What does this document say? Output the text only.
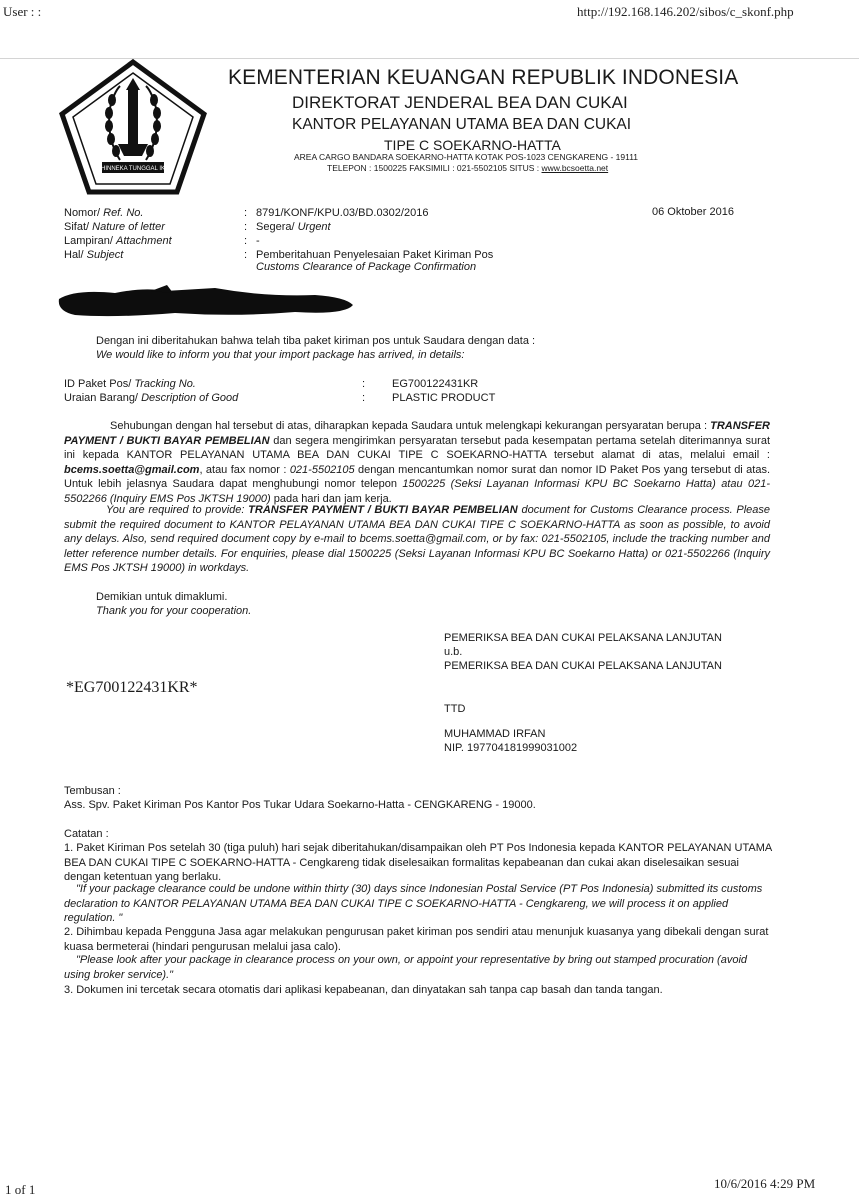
User : :	http://192.168.146.202/sibos/c_skonf.php
BHINNEKA TUNGGAL IKA
KEMENTERIAN KEUANGAN REPUBLIK INDONESIA
DIREKTORAT JENDERAL BEA DAN CUKAI
KANTOR PELAYANAN UTAMA BEA DAN CUKAI
TIPE C SOEKARNO-HATTA
AREA CARGO BANDARA SOEKARNO-HATTA KOTAK POS-1023 CENGKARENG - 19111
TELEPON : 1500225 FAKSIMILI : 021-5502105 SITUS : www.bcsoetta.net
06 Oktober 2016
Nomor/ Ref. No.	: 8791/KONF/KPU.03/BD.0302/2016
Sifat/ Nature of letter	: Segera/ Urgent
Lampiran/ Attachment	: -
Hal/ Subject	: Pemberitahuan Penyelesaian Paket Kiriman Pos
Customs Clearance of Package Confirmation
Dengan ini diberitahukan bahwa telah tiba paket kiriman pos untuk Saudara dengan data :
We would like to inform you that your import package has arrived, in details:
ID Paket Pos/ Tracking No.	: EG700122431KR
Uraian Barang/ Description of Good	: PLASTIC PRODUCT
Sehubungan dengan hal tersebut di atas, diharapkan kepada Saudara untuk melengkapi kekurangan persyaratan berupa : TRANSFER PAYMENT / BUKTI BAYAR PEMBELIAN dan segera mengirimkan persyaratan tersebut pada kesempatan pertama setelah diterimannya surat ini kepada KANTOR PELAYANAN UTAMA BEA DAN CUKAI TIPE C SOEKARNO-HATTA tersebut alamat di atas, melalui email : bcems.soetta@gmail.com, atau fax nomor : 021-5502105 dengan mencantumkan nomor surat dan nomor ID Paket Pos yang tersebut di atas. Untuk lebih jelasnya Saudara dapat menghubungi nomor telepon 1500225 (Seksi Layanan Informasi KPU BC Soekarno Hatta) atau 021-5502266 (Inquiry EMS Pos JKTSH 19000) pada hari dan jam kerja.
You are required to provide: TRANSFER PAYMENT / BUKTI BAYAR PEMBELIAN document for Customs Clearance process. Please submit the required document to KANTOR PELAYANAN UTAMA BEA DAN CUKAI TIPE C SOEKARNO-HATTA as soon as possible, to avoid any delays. Also, send required document copy by e-mail to bcems.soetta@gmail.com, or by fax: 021-5502105, include the tracking number and letter reference number details. For enquiries, please dial 1500225 (Seksi Layanan Informasi KPU BC Soekarno Hatta) or 021-5502266 (Inquiry EMS Pos JKTSH 19000) in workdays.
Demikian untuk dimaklumi.
Thank you for your cooperation.
PEMERIKSA BEA DAN CUKAI PELAKSANA LANJUTAN
u.b.
PEMERIKSA BEA DAN CUKAI PELAKSANA LANJUTAN
TTD
MUHAMMAD IRFAN
NIP. 197704181999031002
*EG700122431KR*
Tembusan :
Ass. Spv. Paket Kiriman Pos Kantor Pos Tukar Udara Soekarno-Hatta - CENGKARENG - 19000.
Catatan :
1. Paket Kiriman Pos setelah 30 (tiga puluh) hari sejak diberitahukan/disampaikan oleh PT Pos Indonesia kepada KANTOR PELAYANAN UTAMA BEA DAN CUKAI TIPE C SOEKARNO-HATTA - Cengkareng tidak diselesaikan formalitas kepabeanan dan cukai akan diselesaikan sesuai dengan ketentuan yang berlaku.
"If your package clearance could be undone within thirty (30) days since Indonesian Postal Service (PT Pos Indonesia) submitted its customs declaration to KANTOR PELAYANAN UTAMA BEA DAN CUKAI TIPE C SOEKARNO-HATTA - Cengkareng, we will process it on applied regulation. "
2. Dihimbau kepada Pengguna Jasa agar melakukan pengurusan paket kiriman pos sendiri atau menunjuk kuasanya yang dibekali dengan surat kuasa bermeterai (hindari pengurusan melalui jasa calo).
"Please look after your package in clearance process on your own, or appoint your representative by bring out stamped procuration (avoid using broker service)."
3. Dokumen ini tercetak secara otomatis dari aplikasi kepabeanan, dan dinyatakan sah tanpa cap basah dan tanda tangan.
1 of 1	10/6/2016 4:29 PM
